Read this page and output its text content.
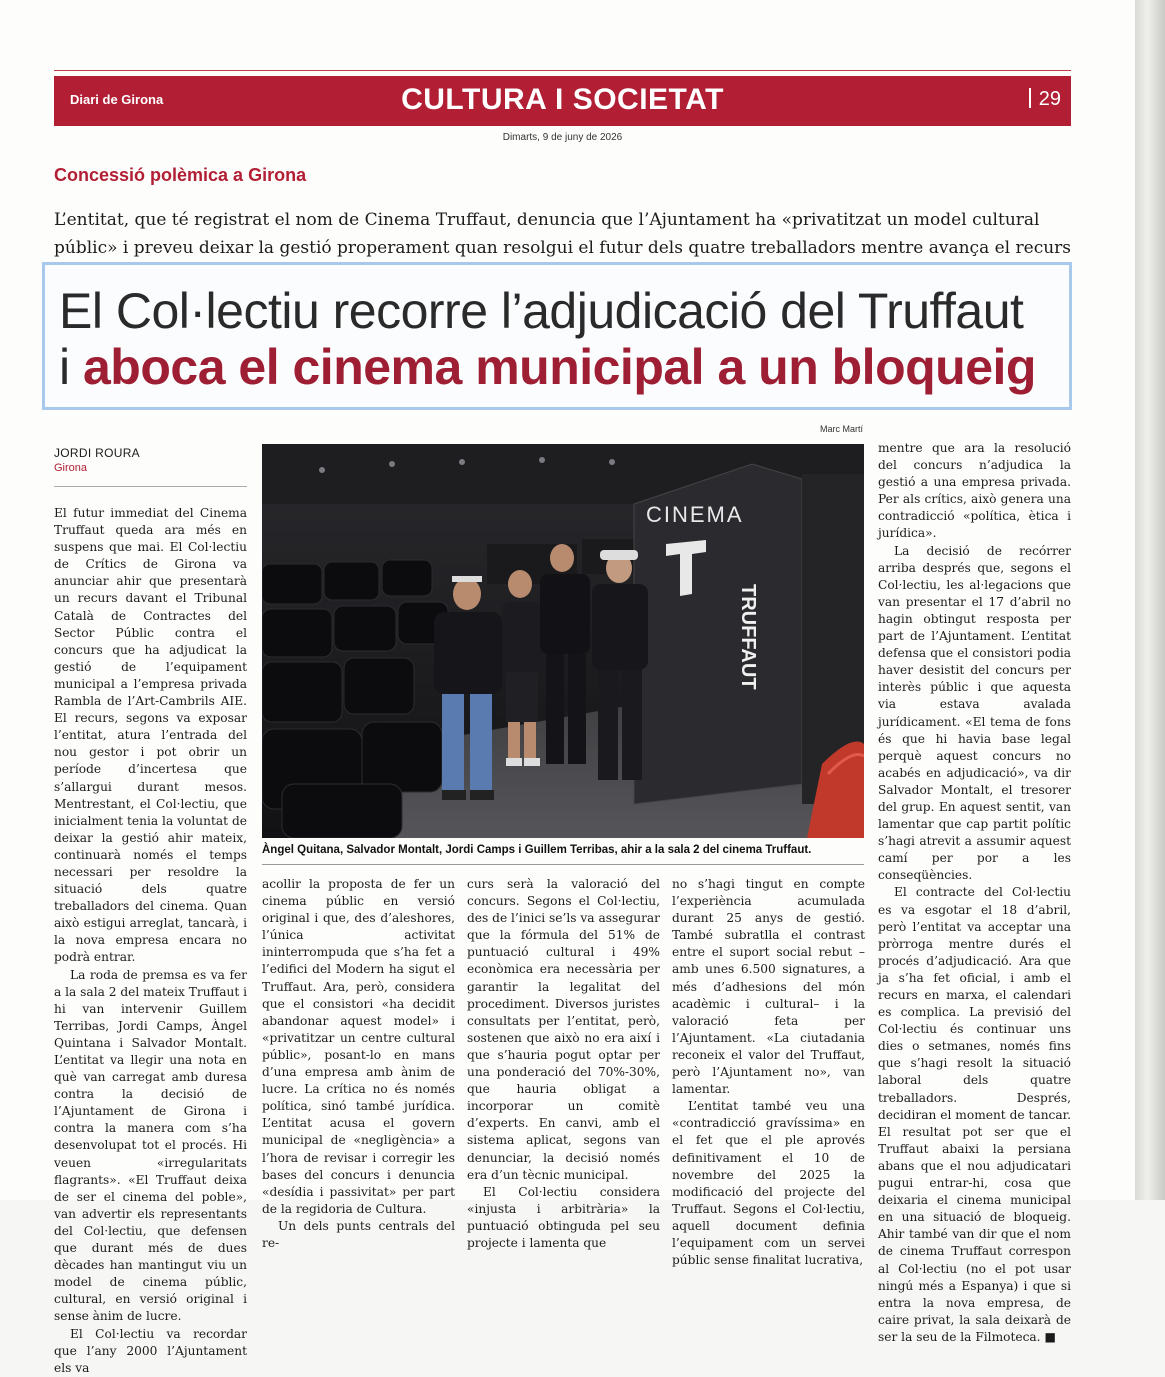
Diari de Girona	CULTURA I SOCIETAT	29
Dimarts, 9 de juny de 2026
Concessió polèmica a Girona
L’entitat, que té registrat el nom de Cinema Truffaut, denuncia que l’Ajuntament ha «privatitzat un model cultural públic» i preveu deixar la gestió properament quan resolgui el futur dels quatre treballadors mentre avança el recurs
El Col·lectiu recorre l’adjudicació del Truffaut
i aboca el cinema municipal a un bloqueig
JORDI ROURA
Girona

El futur immediat del Cinema Truffaut queda ara més en suspens que mai. El Col·lectiu de Crítics de Girona va anunciar ahir que presentarà un recurs davant el Tribunal Català de Contractes del Sector Públic contra el concurs que ha adjudicat la gestió de l’equipament municipal a l’empresa privada Rambla de l’Art-Cambrils AIE. El recurs, segons va exposar l’entitat, atura l’entrada del nou gestor i pot obrir un període d’incertesa que s’allargui durant mesos. Mentrestant, el Col·lectiu, que inicialment tenia la voluntat de deixar la gestió ahir mateix, continuarà només el temps necessari per resoldre la situació dels quatre treballadors del cinema. Quan això estigui arreglat, tancarà, i la nova empresa encara no podrà entrar.

La roda de premsa es va fer a la sala 2 del mateix Truffaut i hi van intervenir Guillem Terribas, Jordi Camps, Àngel Quintana i Salvador Montalt. L’entitat va llegir una nota en què van carregat amb duresa contra la decisió de l’Ajuntament de Girona i contra la manera com s’ha desenvolupat tot el procés. Hi veuen «irregularitats flagrants». «El Truffaut deixa de ser el cinema del poble», van advertir els representants del Col·lectiu, que defensen que durant més de dues dècades han mantingut viu un model de cinema públic, cultural, en versió original i sense ànim de lucre.

El Col·lectiu va recordar que l’any 2000 l’Ajuntament els va

Marc Martí
CINEMA
TRUFFAUT
Àngel Quitana, Salvador Montalt, Jordi Camps i Guillem Terribas, ahir a la sala 2 del cinema Truffaut.

acollir la proposta de fer un cinema públic en versió original i que, des d’aleshores, l’única activitat ininterrompuda que s’ha fet a l’edifici del Modern ha sigut el Truffaut. Ara, però, considera que el consistori «ha decidit abandonar aquest model» i «privatitzar un centre cultural públic», posant-lo en mans d’una empresa amb ànim de lucre. La crítica no és només política, sinó també jurídica. L’entitat acusa el govern municipal de «negligència» a l’hora de revisar i corregir les bases del concurs i denuncia «desídia i passivitat» per part de la regidoria de Cultura.

Un dels punts centrals del re-

curs serà la valoració del concurs. Segons el Col·lectiu, des de l’inici se’ls va assegurar que la fórmula del 51% de puntuació cultural i 49% econòmica era necessària per garantir la legalitat del procediment. Diversos juristes consultats per l’entitat, però, sostenen que això no era així i que s’hauria pogut optar per una ponderació del 70%-30%, que hauria obligat a incorporar un comitè d’experts. En canvi, amb el sistema aplicat, segons van denunciar, la decisió només era d’un tècnic municipal.

El Col·lectiu considera «injusta i arbitrària» la puntuació obtinguda pel seu projecte i lamenta que

no s’hagi tingut en compte l’experiència acumulada durant 25 anys de gestió. També subratlla el contrast entre el suport social rebut –amb unes 6.500 signatures, a més d’adhesions del món acadèmic i cultural– i la valoració feta per l’Ajuntament. «La ciutadania reconeix el valor del Truffaut, però l’Ajuntament no», van lamentar.

L’entitat també veu una «contradicció gravíssima» en el fet que el ple aprovés definitivament el 10 de novembre del 2025 la modificació del projecte del Truffaut. Segons el Col·lectiu, aquell document definia l’equipament com un servei públic sense finalitat lucrativa,

mentre que ara la resolució del concurs n’adjudica la gestió a una empresa privada. Per als crítics, això genera una contradicció «política, ètica i jurídica».

La decisió de recórrer arriba després que, segons el Col·lectiu, les al·legacions que van presentar el 17 d’abril no hagin obtingut resposta per part de l’Ajuntament. L’entitat defensa que el consistori podia haver desistit del concurs per interès públic i que aquesta via estava avalada jurídicament. «El tema de fons és que hi havia base legal perquè aquest concurs no acabés en adjudicació», va dir Salvador Montalt, el tresorer del grup. En aquest sentit, van lamentar que cap partit polític s’hagi atrevit a assumir aquest camí per por a les conseqüències.

El contracte del Col·lectiu es va esgotar el 18 d’abril, però l’entitat va acceptar una pròrroga mentre durés el procés d’adjudicació. Ara que ja s’ha fet oficial, i amb el recurs en marxa, el calendari es complica. La previsió del Col·lectiu és continuar uns dies o setmanes, només fins que s’hagi resolt la situació laboral dels quatre treballadors. Després, decidiran el moment de tancar. El resultat pot ser que el Truffaut abaixi la persiana abans que el nou adjudicatari pugui entrar-hi, cosa que deixaria el cinema municipal en una situació de bloqueig. Ahir també van dir que el nom de cinema Truffaut correspon al Col·lectiu (no el pot usar ningú més a Espanya) i que si entra la nova empresa, de caire privat, la sala deixarà de ser la seu de la Filmoteca. ■
